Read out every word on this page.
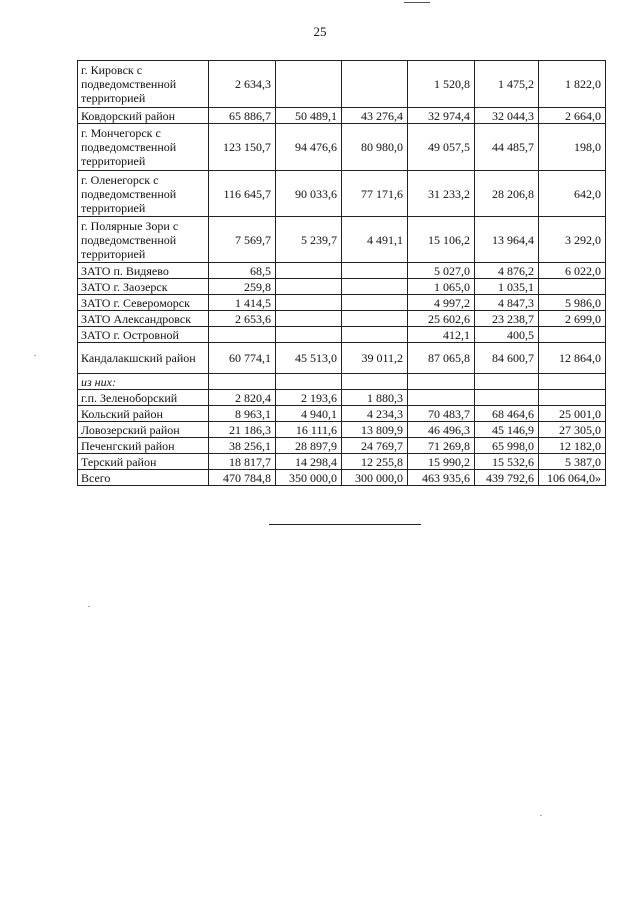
25
г. Кировск с подведомственной территорией	2 634,3			1 520,8	1 475,2	1 822,0
Ковдорский район	65 886,7	50 489,1	43 276,4	32 974,4	32 044,3	2 664,0
г. Мончегорск с подведомственной территорией	123 150,7	94 476,6	80 980,0	49 057,5	44 485,7	198,0
г. Оленегорск с подведомственной территорией	116 645,7	90 033,6	77 171,6	31 233,2	28 206,8	642,0
г. Полярные Зори с подведомственной территорией	7 569,7	5 239,7	4 491,1	15 106,2	13 964,4	3 292,0
ЗАТО п. Видяево	68,5			5 027,0	4 876,2	6 022,0
ЗАТО г. Заозерск	259,8			1 065,0	1 035,1	
ЗАТО г. Североморск	1 414,5			4 997,2	4 847,3	5 986,0
ЗАТО Александровск	2 653,6			25 602,6	23 238,7	2 699,0
ЗАТО г. Островной				412,1	400,5	
Кандалакшский район	60 774,1	45 513,0	39 011,2	87 065,8	84 600,7	12 864,0
из них:						
г.п. Зеленоборский	2 820,4	2 193,6	1 880,3			
Кольский район	8 963,1	4 940,1	4 234,3	70 483,7	68 464,6	25 001,0
Ловозерский район	21 186,3	16 111,6	13 809,9	46 496,3	45 146,9	27 305,0
Печенгский район	38 256,1	28 897,9	24 769,7	71 269,8	65 998,0	12 182,0
Терский район	18 817,7	14 298,4	12 255,8	15 990,2	15 532,6	5 387,0
Всего	470 784,8	350 000,0	300 000,0	463 935,6	439 792,6	106 064,0»
ʹ
